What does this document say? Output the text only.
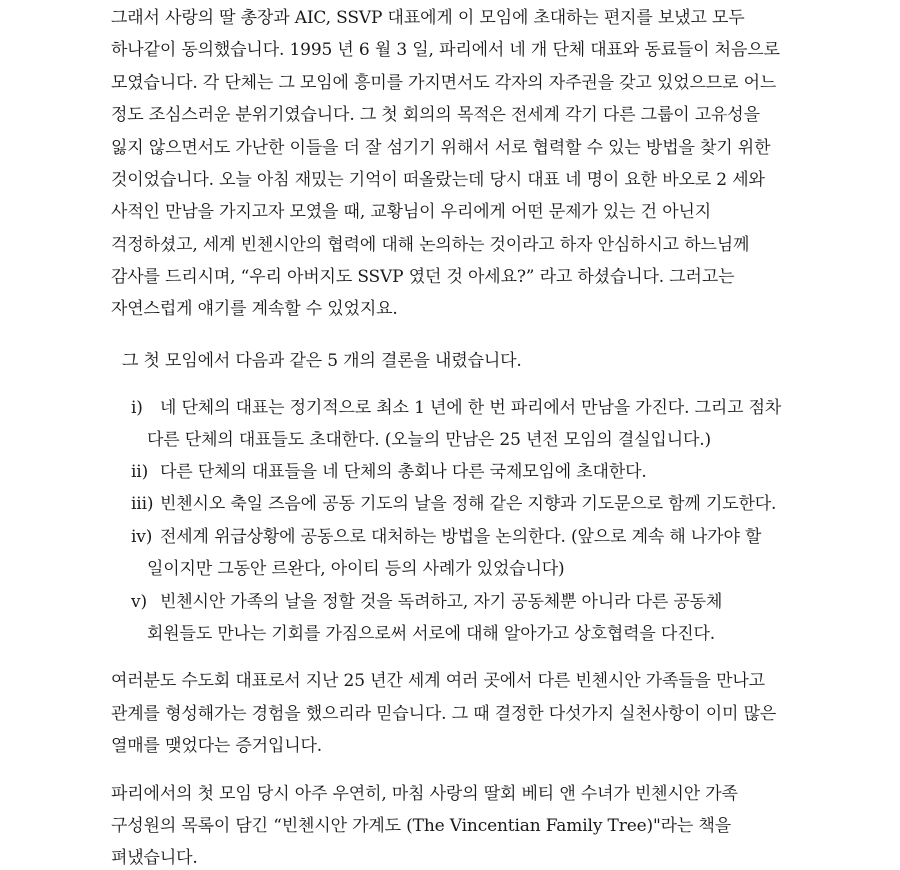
그래서 사랑의 딸 총장과 AIC, SSVP 대표에게 이 모임에 초대하는 편지를 보냈고 모두

하나같이 동의했습니다. 1995 년 6 월 3 일, 파리에서 네 개 단체 대표와 동료들이 처음으로

모였습니다. 각 단체는 그 모임에 흥미를 가지면서도 각자의 자주권을 갖고 있었으므로 어느

정도 조심스러운 분위기였습니다. 그 첫 회의의 목적은 전세계 각기 다른 그룹이 고유성을

잃지 않으면서도 가난한 이들을 더 잘 섬기기 위해서 서로 협력할 수 있는 방법을 찾기 위한

것이었습니다. 오늘 아침 재밌는 기억이 떠올랐는데 당시 대표 네 명이 요한 바오로 2 세와

사적인 만남을 가지고자 모였을 때, 교황님이 우리에게 어떤 문제가 있는 건 아닌지

걱정하셨고, 세계 빈첸시안의 협력에 대해 논의하는 것이라고 하자 안심하시고 하느님께

감사를 드리시며, “우리 아버지도 SSVP 였던 것 아세요?” 라고 하셨습니다. 그러고는

자연스럽게 얘기를 계속할 수 있었지요.

그 첫 모임에서 다음과 같은 5 개의 결론을 내렸습니다.

i) 네 단체의 대표는 정기적으로 최소 1 년에 한 번 파리에서 만남을 가진다. 그리고 점차

다른 단체의 대표들도 초대한다. (오늘의 만남은 25 년전 모임의 결실입니다.)

ii) 다른 단체의 대표들을 네 단체의 총회나 다른 국제모임에 초대한다.

iii) 빈첸시오 축일 즈음에 공동 기도의 날을 정해 같은 지향과 기도문으로 함께 기도한다.

iv) 전세계 위급상황에 공동으로 대처하는 방법을 논의한다. (앞으로 계속 해 나가야 할

일이지만 그동안 르완다, 아이티 등의 사례가 있었습니다)

v) 빈첸시안 가족의 날을 정할 것을 독려하고, 자기 공동체뿐 아니라 다른 공동체

회원들도 만나는 기회를 가짐으로써 서로에 대해 알아가고 상호협력을 다진다.

여러분도 수도회 대표로서 지난 25 년간 세계 여러 곳에서 다른 빈첸시안 가족들을 만나고

관계를 형성해가는 경험을 했으리라 믿습니다. 그 때 결정한 다섯가지 실천사항이 이미 많은

열매를 맺었다는 증거입니다.

파리에서의 첫 모임 당시 아주 우연히, 마침 사랑의 딸회 베티 앤 수녀가 빈첸시안 가족

구성원의 목록이 담긴 “빈첸시안 가계도 (The Vincentian Family Tree)"라는 책을

펴냈습니다.
